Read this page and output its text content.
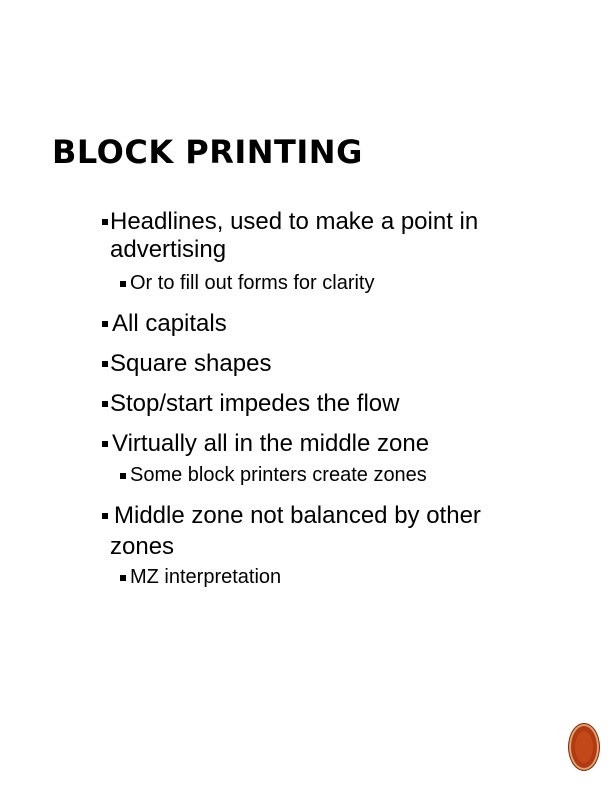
BLOCK PRINTING
Headlines, used to make a point in
advertising
Or to fill out forms for clarity
All capitals
Square shapes
Stop/start impedes the flow
Virtually all in the middle zone
Some block printers create zones
Middle zone not balanced by other
zones
MZ interpretation
